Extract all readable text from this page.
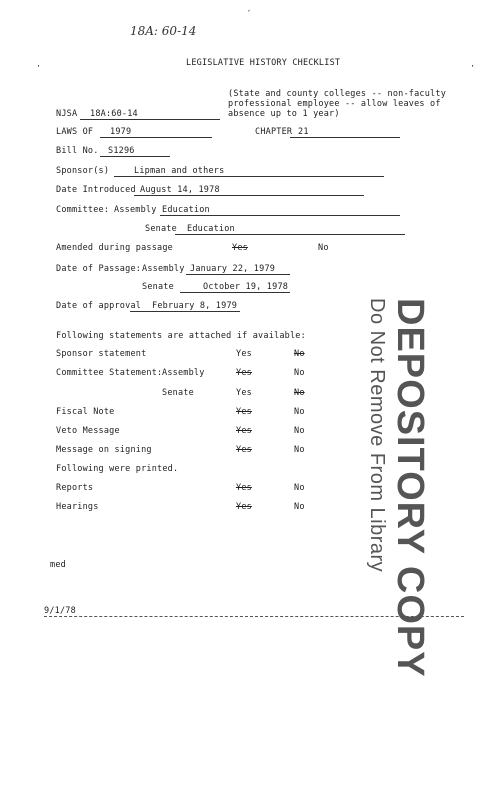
18A: 60-14
´
·	·
LEGISLATIVE HISTORY CHECKLIST
(State and county colleges -- non-faculty professional employee -- allow leaves of absence up to 1 year)
NJSA 18A:60-14
LAWS OF 1979	CHAPTER 21
Bill No. S1296
Sponsor(s)	Lipman and others
Date Introduced August 14, 1978
Committee: Assembly Education
Senate Education
Amended during passage	Yes	No
Date of Passage: Assembly January 22, 1979
Senate	October 19, 1978
Date of approval February 8, 1979
Following statements are attached if available:
Sponsor statement	Yes	No
Committee Statement: Assembly	Yes	No
Senate	Yes	No
Fiscal Note	Yes	No
Veto Message	Yes	No
Message on signing	Yes	No
Following were printed.
Reports	Yes	No
Hearings	Yes	No DEPOSITORY COPY
Do Not Remove From Library
med
9/1/78
